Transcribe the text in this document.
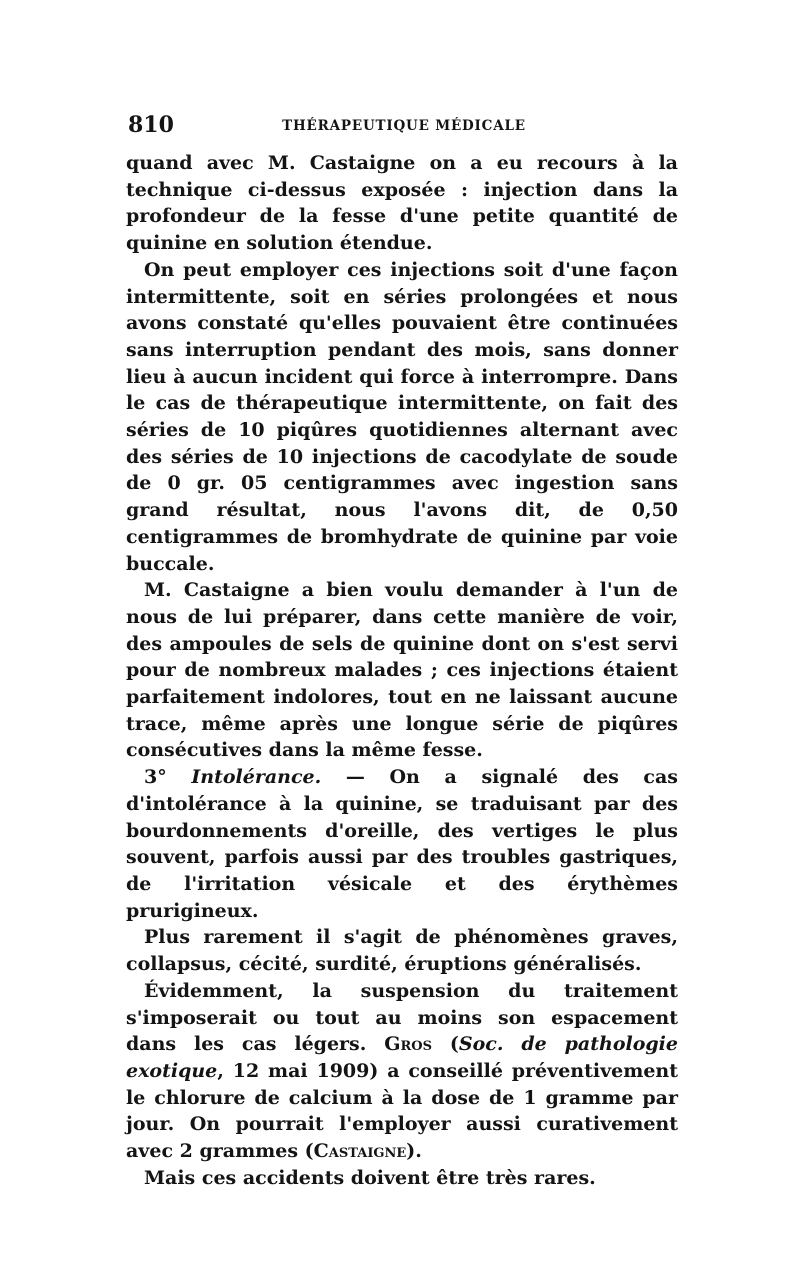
810	THÉRAPEUTIQUE MÉDICALE

quand avec M. Castaigne on a eu recours à la technique ci-dessus exposée : injection dans la profondeur de la fesse d'une petite quantité de quinine en solution étendue.

On peut employer ces injections soit d'une façon intermittente, soit en séries prolongées et nous avons constaté qu'elles pouvaient être continuées sans interruption pendant des mois, sans donner lieu à aucun incident qui force à interrompre. Dans le cas de thérapeutique intermittente, on fait des séries de 10 piqûres quotidiennes alternant avec des séries de 10 injections de cacodylate de soude de 0 gr. 05 centigrammes avec ingestion sans grand résultat, nous l'avons dit, de 0,50 centigrammes de bromhydrate de quinine par voie buccale.

M. Castaigne a bien voulu demander à l'un de nous de lui préparer, dans cette manière de voir, des ampoules de sels de quinine dont on s'est servi pour de nombreux malades ; ces injections étaient parfaitement indolores, tout en ne laissant aucune trace, même après une longue série de piqûres consécutives dans la même fesse.

3° Intolérance. — On a signalé des cas d'intolérance à la quinine, se traduisant par des bourdonnements d'oreille, des vertiges le plus souvent, parfois aussi par des troubles gastriques, de l'irritation vésicale et des érythèmes prurigineux.

Plus rarement il s'agit de phénomènes graves, collapsus, cécité, surdité, éruptions généralisés.

Évidemment, la suspension du traitement s'imposerait ou tout au moins son espacement dans les cas légers. Gros (Soc. de pathologie exotique, 12 mai 1909) a conseillé préventivement le chlorure de calcium à la dose de 1 gramme par jour. On pourrait l'employer aussi curativement avec 2 grammes (Castaigne).

Mais ces accidents doivent être très rares.
